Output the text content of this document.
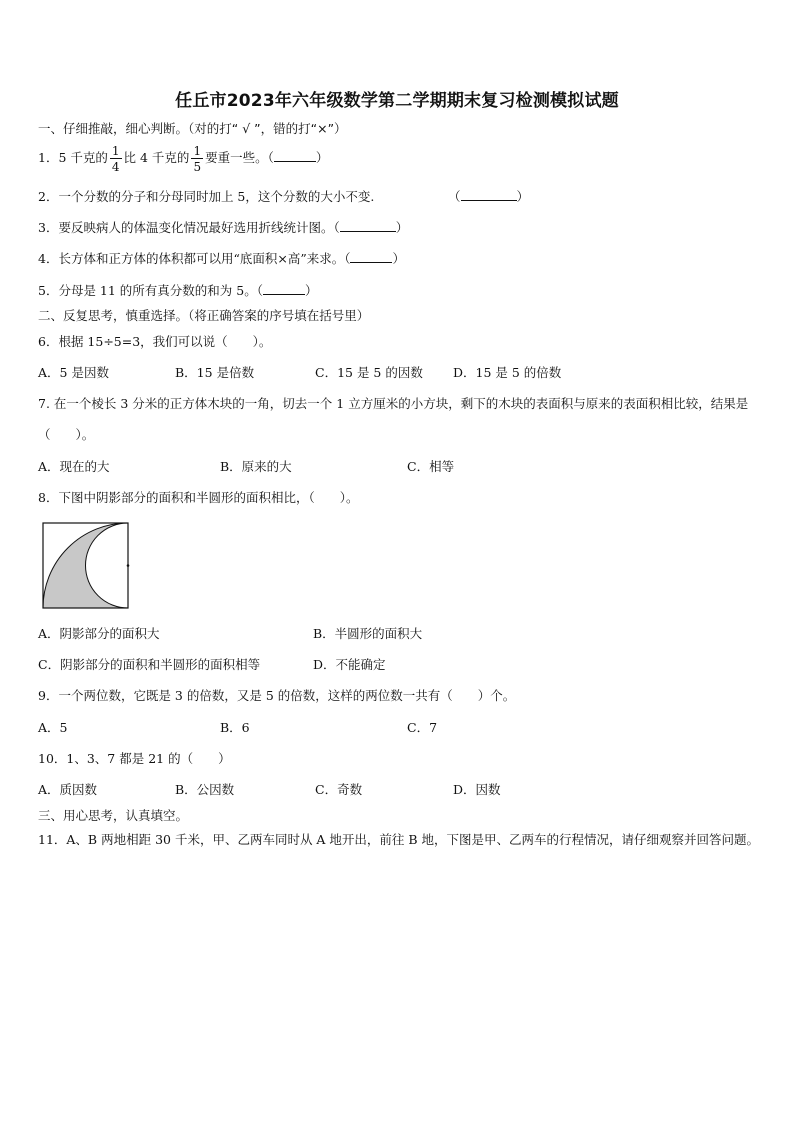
任丘市2023年六年级数学第二学期期末复习检测模拟试题
一、仔细推敲，细心判断。（对的打“ √ ”，错的打“×”）
1．5 千克的 $\frac{1}{4}$ 比 4 千克的 $\frac{1}{5}$ 要重一些。（	）
2．一个分数的分子和分母同时加上 5，这个分数的大小不变.	（	）
3．要反映病人的体温变化情况最好选用折线统计图。（	）
4．长方体和正方体的体积都可以用“底面积×高”来求。（	）
5．分母是 11 的所有真分数的和为 5。（	）
二、反复思考，慎重选择。（将正确答案的序号填在括号里）
6．根据 15÷5=3，我们可以说（　　）。
A．5 是因数	B．15 是倍数	C．15 是 5 的因数 D．15 是 5 的倍数
7. 在一个棱长 3 分米的正方体木块的一角，切去一个 1 立方厘米的小方块，剩下的木块的表面积与原来的表面积相比较，结果是（　　）。
A．现在的大	B．原来的大	C．相等
8．下图中阴影部分的面积和半圆形的面积相比，（　　）。
A．阴影部分的面积大	B．半圆形的面积大
C．阴影部分的面积和半圆形的面积相等	D．不能确定
9．一个两位数，它既是 3 的倍数，又是 5 的倍数，这样的两位数一共有（　　）个。
A．5	B．6	C．7
10．1、3、7 都是 21 的（　　）
A．质因数	B．公因数	C．奇数	D．因数
三、用心思考，认真填空。
11．A、B 两地相距 30 千米，甲、乙两车同时从 A 地开出，前往 B 地，下图是甲、乙两车的行程情况，请仔细观察并回答问题。
